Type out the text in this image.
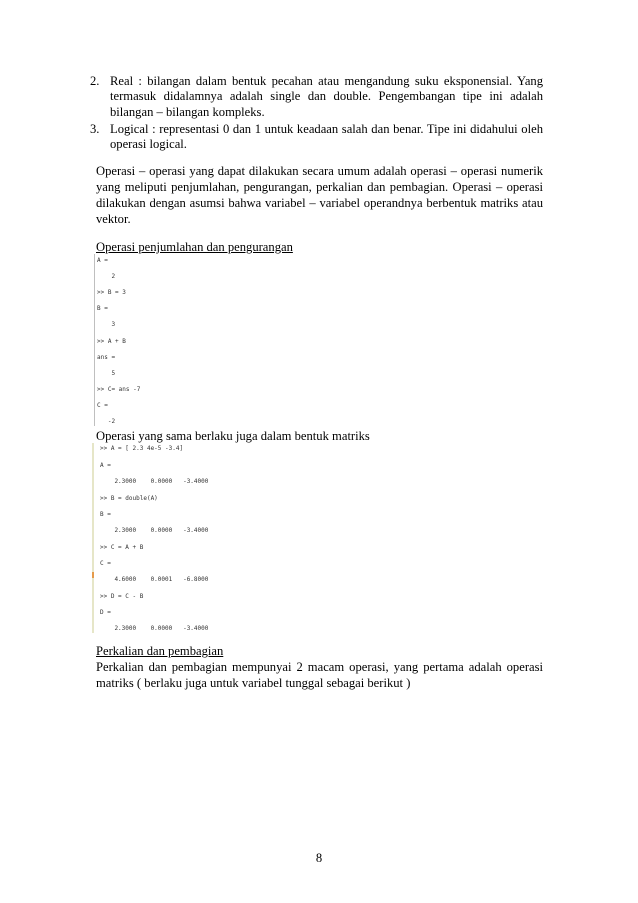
2. Real : bilangan dalam bentuk pecahan atau mengandung suku eksponensial. Yang termasuk didalamnya adalah single dan double. Pengembangan tipe ini adalah bilangan – bilangan kompleks.
3. Logical : representasi 0 dan 1 untuk keadaan salah dan benar. Tipe ini didahului oleh operasi logical.
Operasi – operasi yang dapat dilakukan secara umum adalah operasi – operasi numerik yang meliputi penjumlahan, pengurangan, perkalian dan pembagian. Operasi – operasi dilakukan dengan asumsi bahwa variabel – variabel operandnya berbentuk matriks atau vektor.
Operasi penjumlahan dan pengurangan
A =
2
>> B = 3
B =
3
>> A + B
ans =
5
>> C= ans -7
C =
-2
Operasi yang sama berlaku juga dalam bentuk matriks
>> A = [ 2.3 4e-5 -3.4]
A =
2.3000    0.0000   -3.4000
>> B = double(A)
B =
2.3000    0.0000   -3.4000
>> C = A + B
C =
4.6000    0.0001   -6.8000
>> D = C - B
D =
2.3000    0.0000   -3.4000
Perkalian dan pembagian
Perkalian dan pembagian mempunyai 2 macam operasi, yang pertama adalah operasi matriks ( berlaku juga untuk variabel tunggal sebagai berikut )
8
